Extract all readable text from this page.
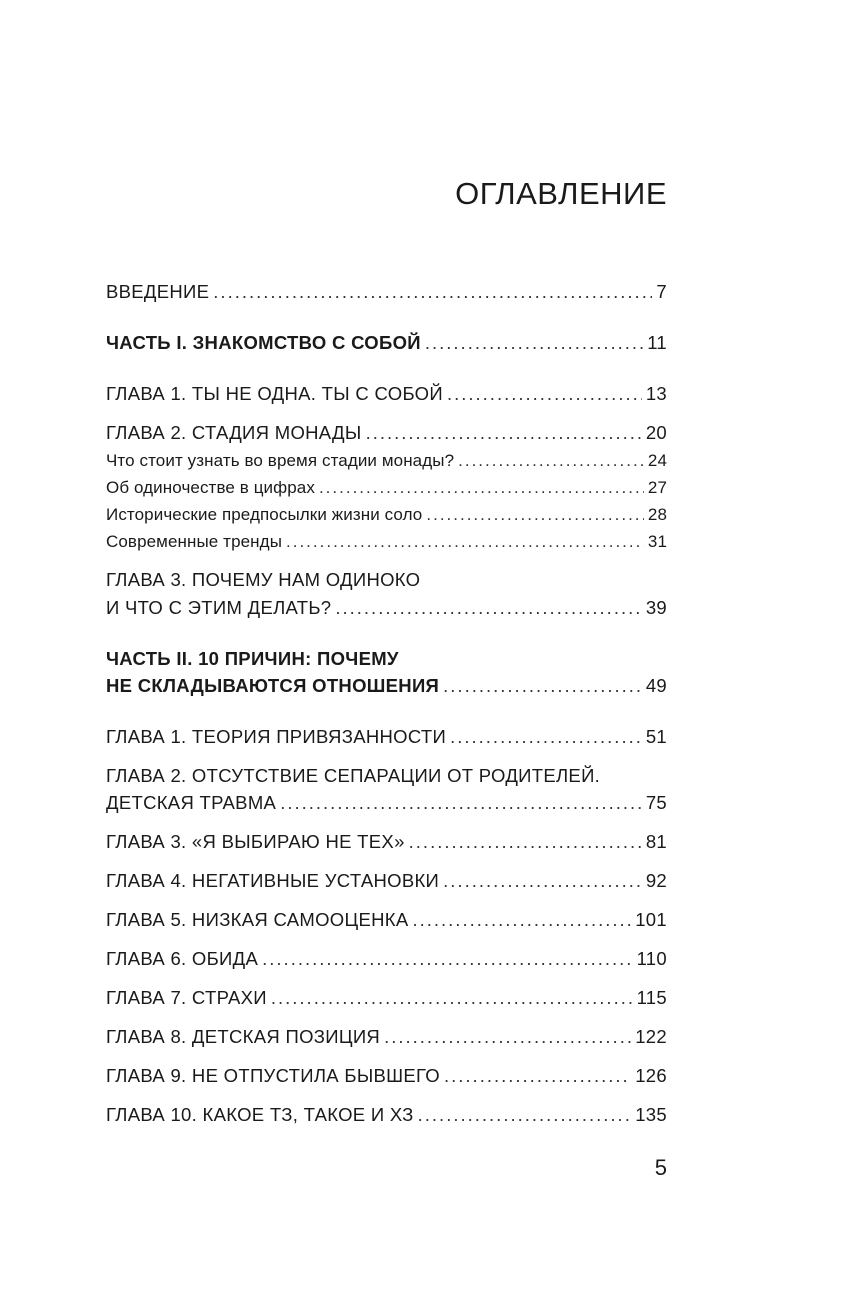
ОГЛАВЛЕНИЕ
ВВЕДЕНИЕ .....	7
ЧАСТЬ I. ЗНАКОМСТВО С СОБОЙ .....	11
ГЛАВА 1. ТЫ НЕ ОДНА. ТЫ С СОБОЙ .....	13
ГЛАВА 2. СТАДИЯ МОНАДЫ .....	20
Что стоит узнать во время стадии монады? .....	24
Об одиночестве в цифрах .....	27
Исторические предпосылки жизни соло .....	28
Современные тренды .....	31
ГЛАВА 3. ПОЧЕМУ НАМ ОДИНОКО
И ЧТО С ЭТИМ ДЕЛАТЬ? .....	39
ЧАСТЬ II. 10 ПРИЧИН: ПОЧЕМУ
НЕ СКЛАДЫВАЮТСЯ ОТНОШЕНИЯ .....	49
ГЛАВА 1. ТЕОРИЯ ПРИВЯЗАННОСТИ .....	51
ГЛАВА 2. ОТСУТСТВИЕ СЕПАРАЦИИ ОТ РОДИТЕЛЕЙ.
ДЕТСКАЯ ТРАВМА .....	75
ГЛАВА 3. «Я ВЫБИРАЮ НЕ ТЕХ» .....	81
ГЛАВА 4. НЕГАТИВНЫЕ УСТАНОВКИ .....	92
ГЛАВА 5. НИЗКАЯ САМООЦЕНКА .....	101
ГЛАВА 6. ОБИДА .....	110
ГЛАВА 7. СТРАХИ .....	115
ГЛАВА 8. ДЕТСКАЯ ПОЗИЦИЯ .....	122
ГЛАВА 9. НЕ ОТПУСТИЛА БЫВШЕГО .....	126
ГЛАВА 10. КАКОЕ ТЗ, ТАКОЕ И ХЗ .....	135
5
